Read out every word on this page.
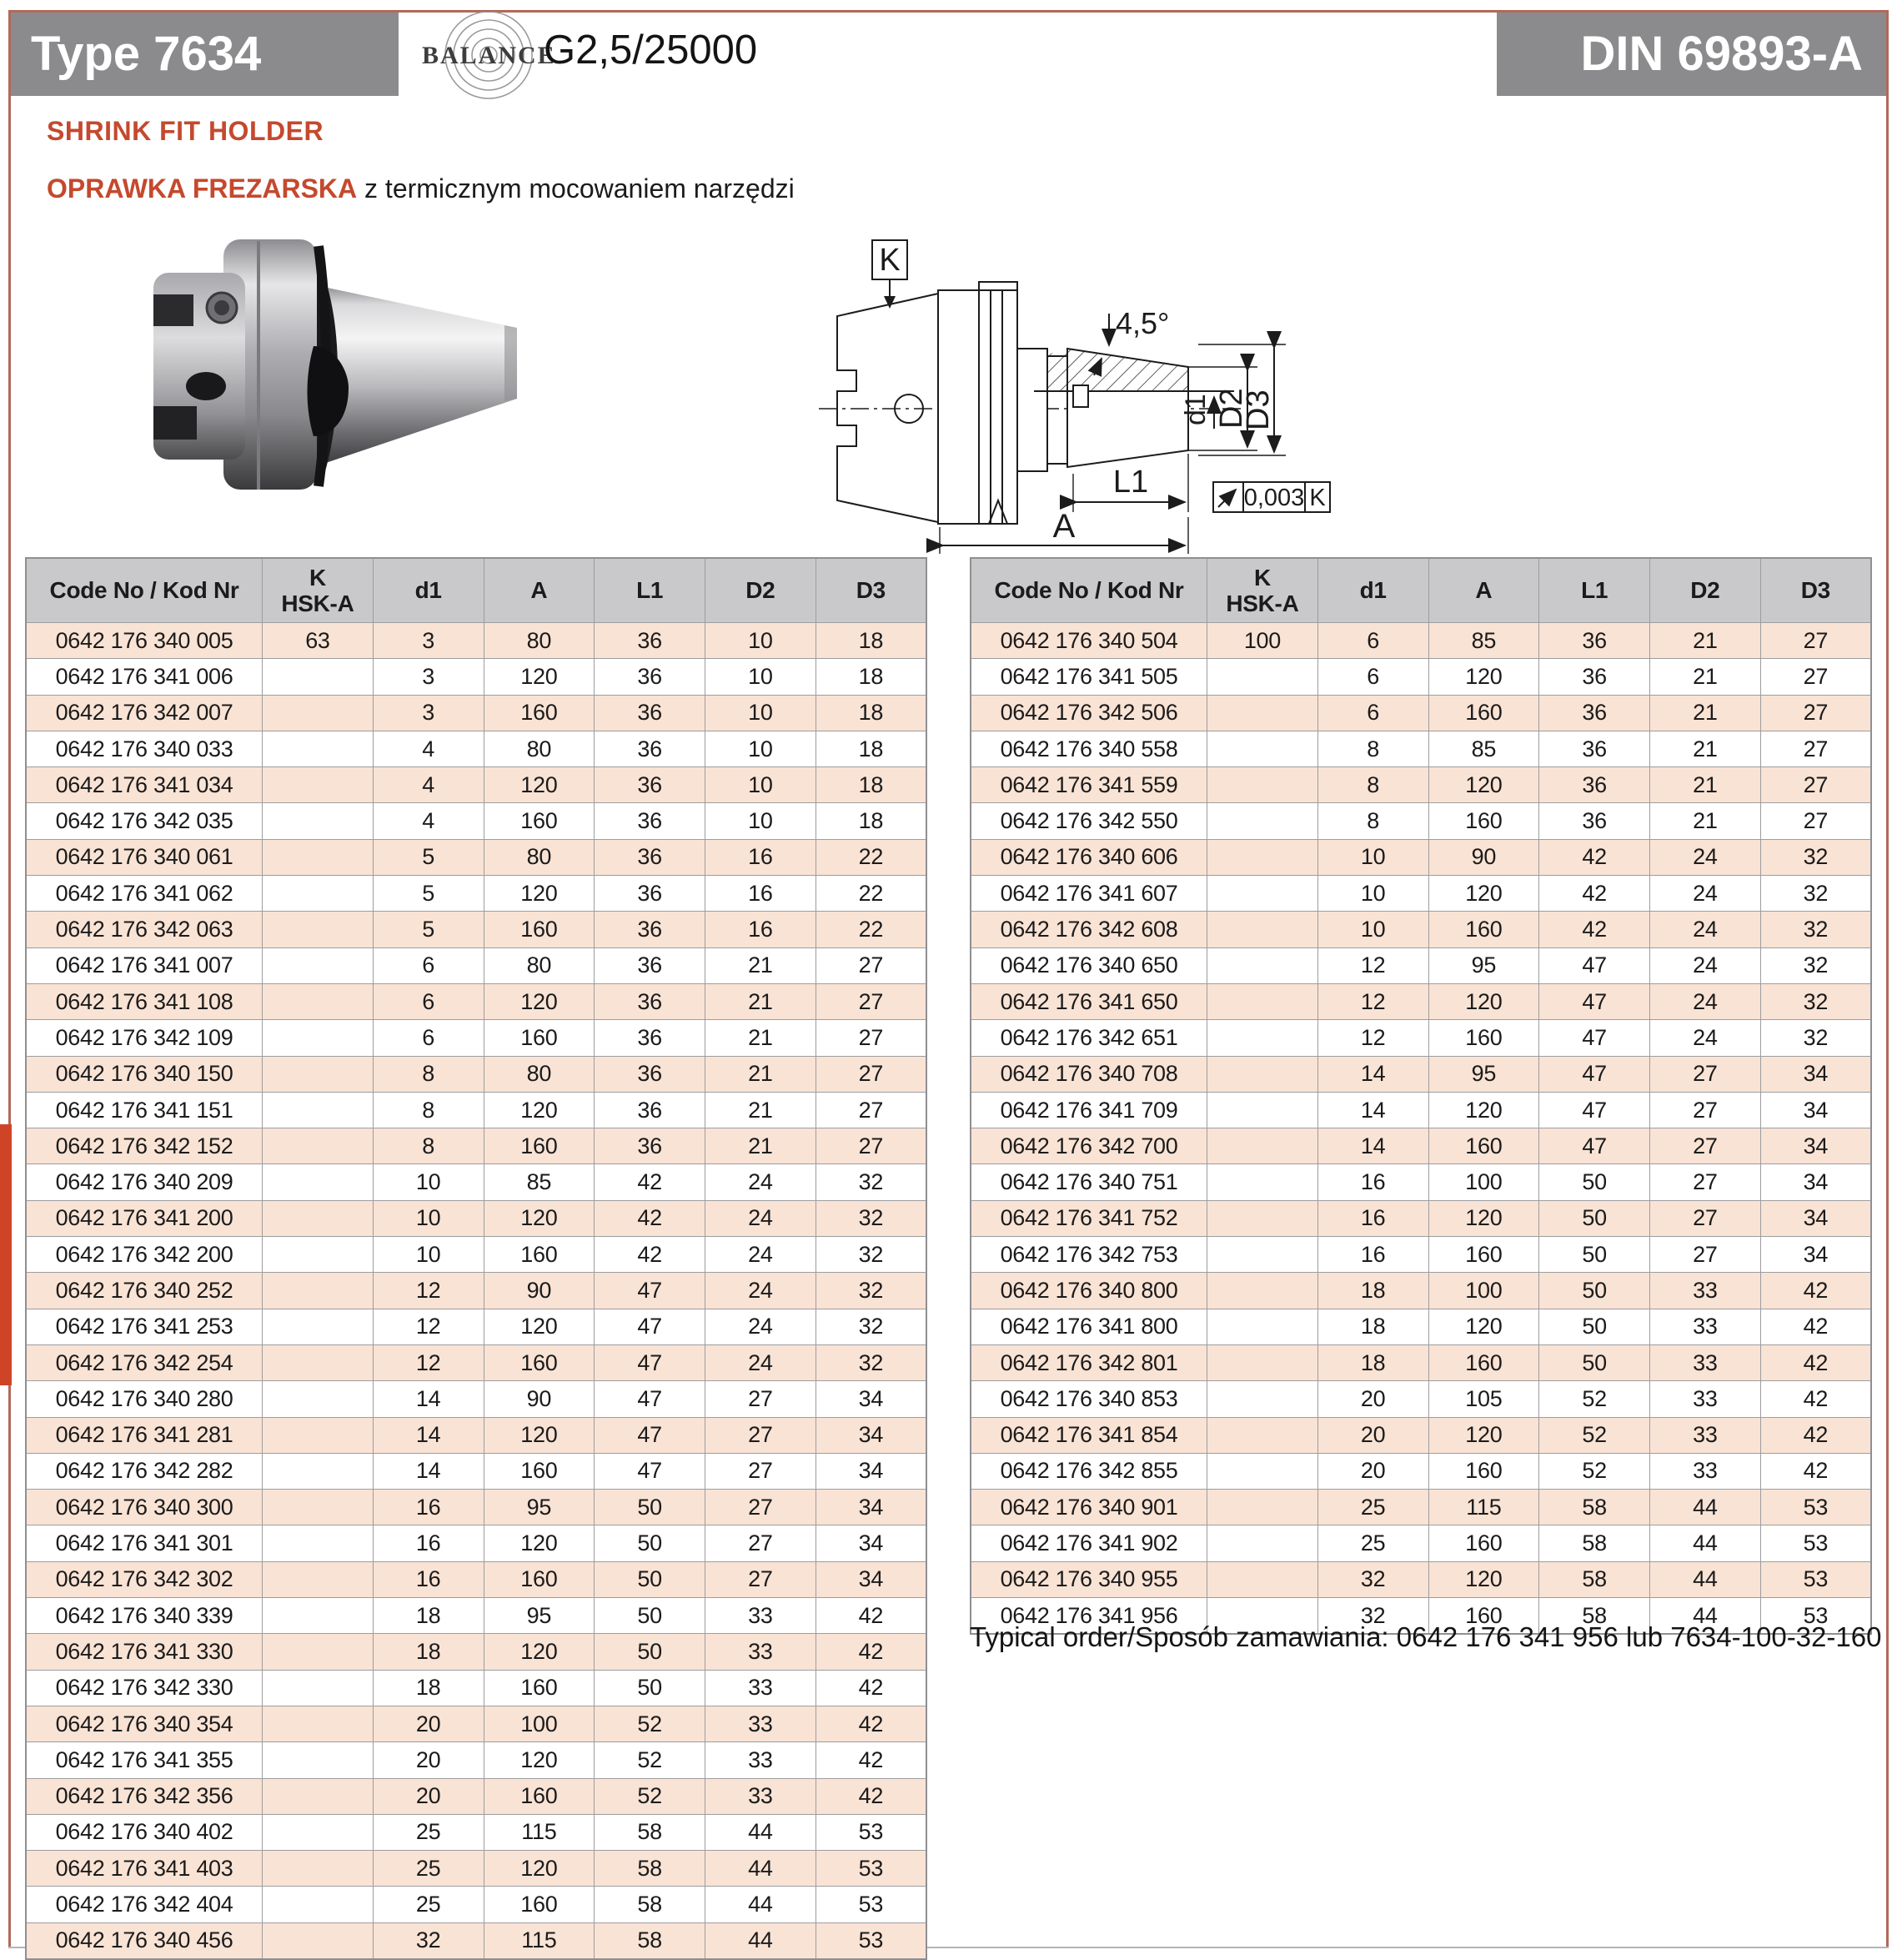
Type 7634	DIN 69893-A
BALANCE
G2,5/25000
SHRINK FIT HOLDER
OPRAWKA FREZARSKA z termicznym mocowaniem narzędzi
K
4,5°
d1 D2
D3
L1
A
0,003 K
Code No / Kod Nr	K
HSK-A	d1	A	L1	D2	D3
0642 176 340 005	63	3	80	36	10	18
0642 176 341 006		3	120	36	10	18
0642 176 342 007		3	160	36	10	18
0642 176 340 033		4	80	36	10	18
0642 176 341 034		4	120	36	10	18
0642 176 342 035		4	160	36	10	18
0642 176 340 061		5	80	36	16	22
0642 176 341 062		5	120	36	16	22
0642 176 342 063		5	160	36	16	22
0642 176 341 007		6	80	36	21	27
0642 176 341 108		6	120	36	21	27
0642 176 342 109		6	160	36	21	27
0642 176 340 150		8	80	36	21	27
0642 176 341 151		8	120	36	21	27
0642 176 342 152		8	160	36	21	27
0642 176 340 209		10	85	42	24	32
0642 176 341 200		10	120	42	24	32
0642 176 342 200		10	160	42	24	32
0642 176 340 252		12	90	47	24	32
0642 176 341 253		12	120	47	24	32
0642 176 342 254		12	160	47	24	32
0642 176 340 280		14	90	47	27	34
0642 176 341 281		14	120	47	27	34
0642 176 342 282		14	160	47	27	34
0642 176 340 300		16	95	50	27	34
0642 176 341 301		16	120	50	27	34
0642 176 342 302		16	160	50	27	34
0642 176 340 339		18	95	50	33	42
0642 176 341 330		18	120	50	33	42
0642 176 342 330		18	160	50	33	42
0642 176 340 354		20	100	52	33	42
0642 176 341 355		20	120	52	33	42
0642 176 342 356		20	160	52	33	42
0642 176 340 402		25	115	58	44	53
0642 176 341 403		25	120	58	44	53
0642 176 342 404		25	160	58	44	53
0642 176 340 456		32	115	58	44	53
Code No / Kod Nr	K
HSK-A	d1	A	L1	D2	D3
0642 176 340 504	100	6	85	36	21	27
0642 176 341 505		6	120	36	21	27
0642 176 342 506		6	160	36	21	27
0642 176 340 558		8	85	36	21	27
0642 176 341 559		8	120	36	21	27
0642 176 342 550		8	160	36	21	27
0642 176 340 606		10	90	42	24	32
0642 176 341 607		10	120	42	24	32
0642 176 342 608		10	160	42	24	32
0642 176 340 650		12	95	47	24	32
0642 176 341 650		12	120	47	24	32
0642 176 342 651		12	160	47	24	32
0642 176 340 708		14	95	47	27	34
0642 176 341 709		14	120	47	27	34
0642 176 342 700		14	160	47	27	34
0642 176 340 751		16	100	50	27	34
0642 176 341 752		16	120	50	27	34
0642 176 342 753		16	160	50	27	34
0642 176 340 800		18	100	50	33	42
0642 176 341 800		18	120	50	33	42
0642 176 342 801		18	160	50	33	42
0642 176 340 853		20	105	52	33	42
0642 176 341 854		20	120	52	33	42
0642 176 342 855		20	160	52	33	42
0642 176 340 901		25	115	58	44	53
0642 176 341 902		25	160	58	44	53
0642 176 340 955		32	120	58	44	53
0642 176 341 956		32	160	58	44	53
Typical order/Sposób zamawiania: 0642 176 341 956 lub 7634-100-32-160
